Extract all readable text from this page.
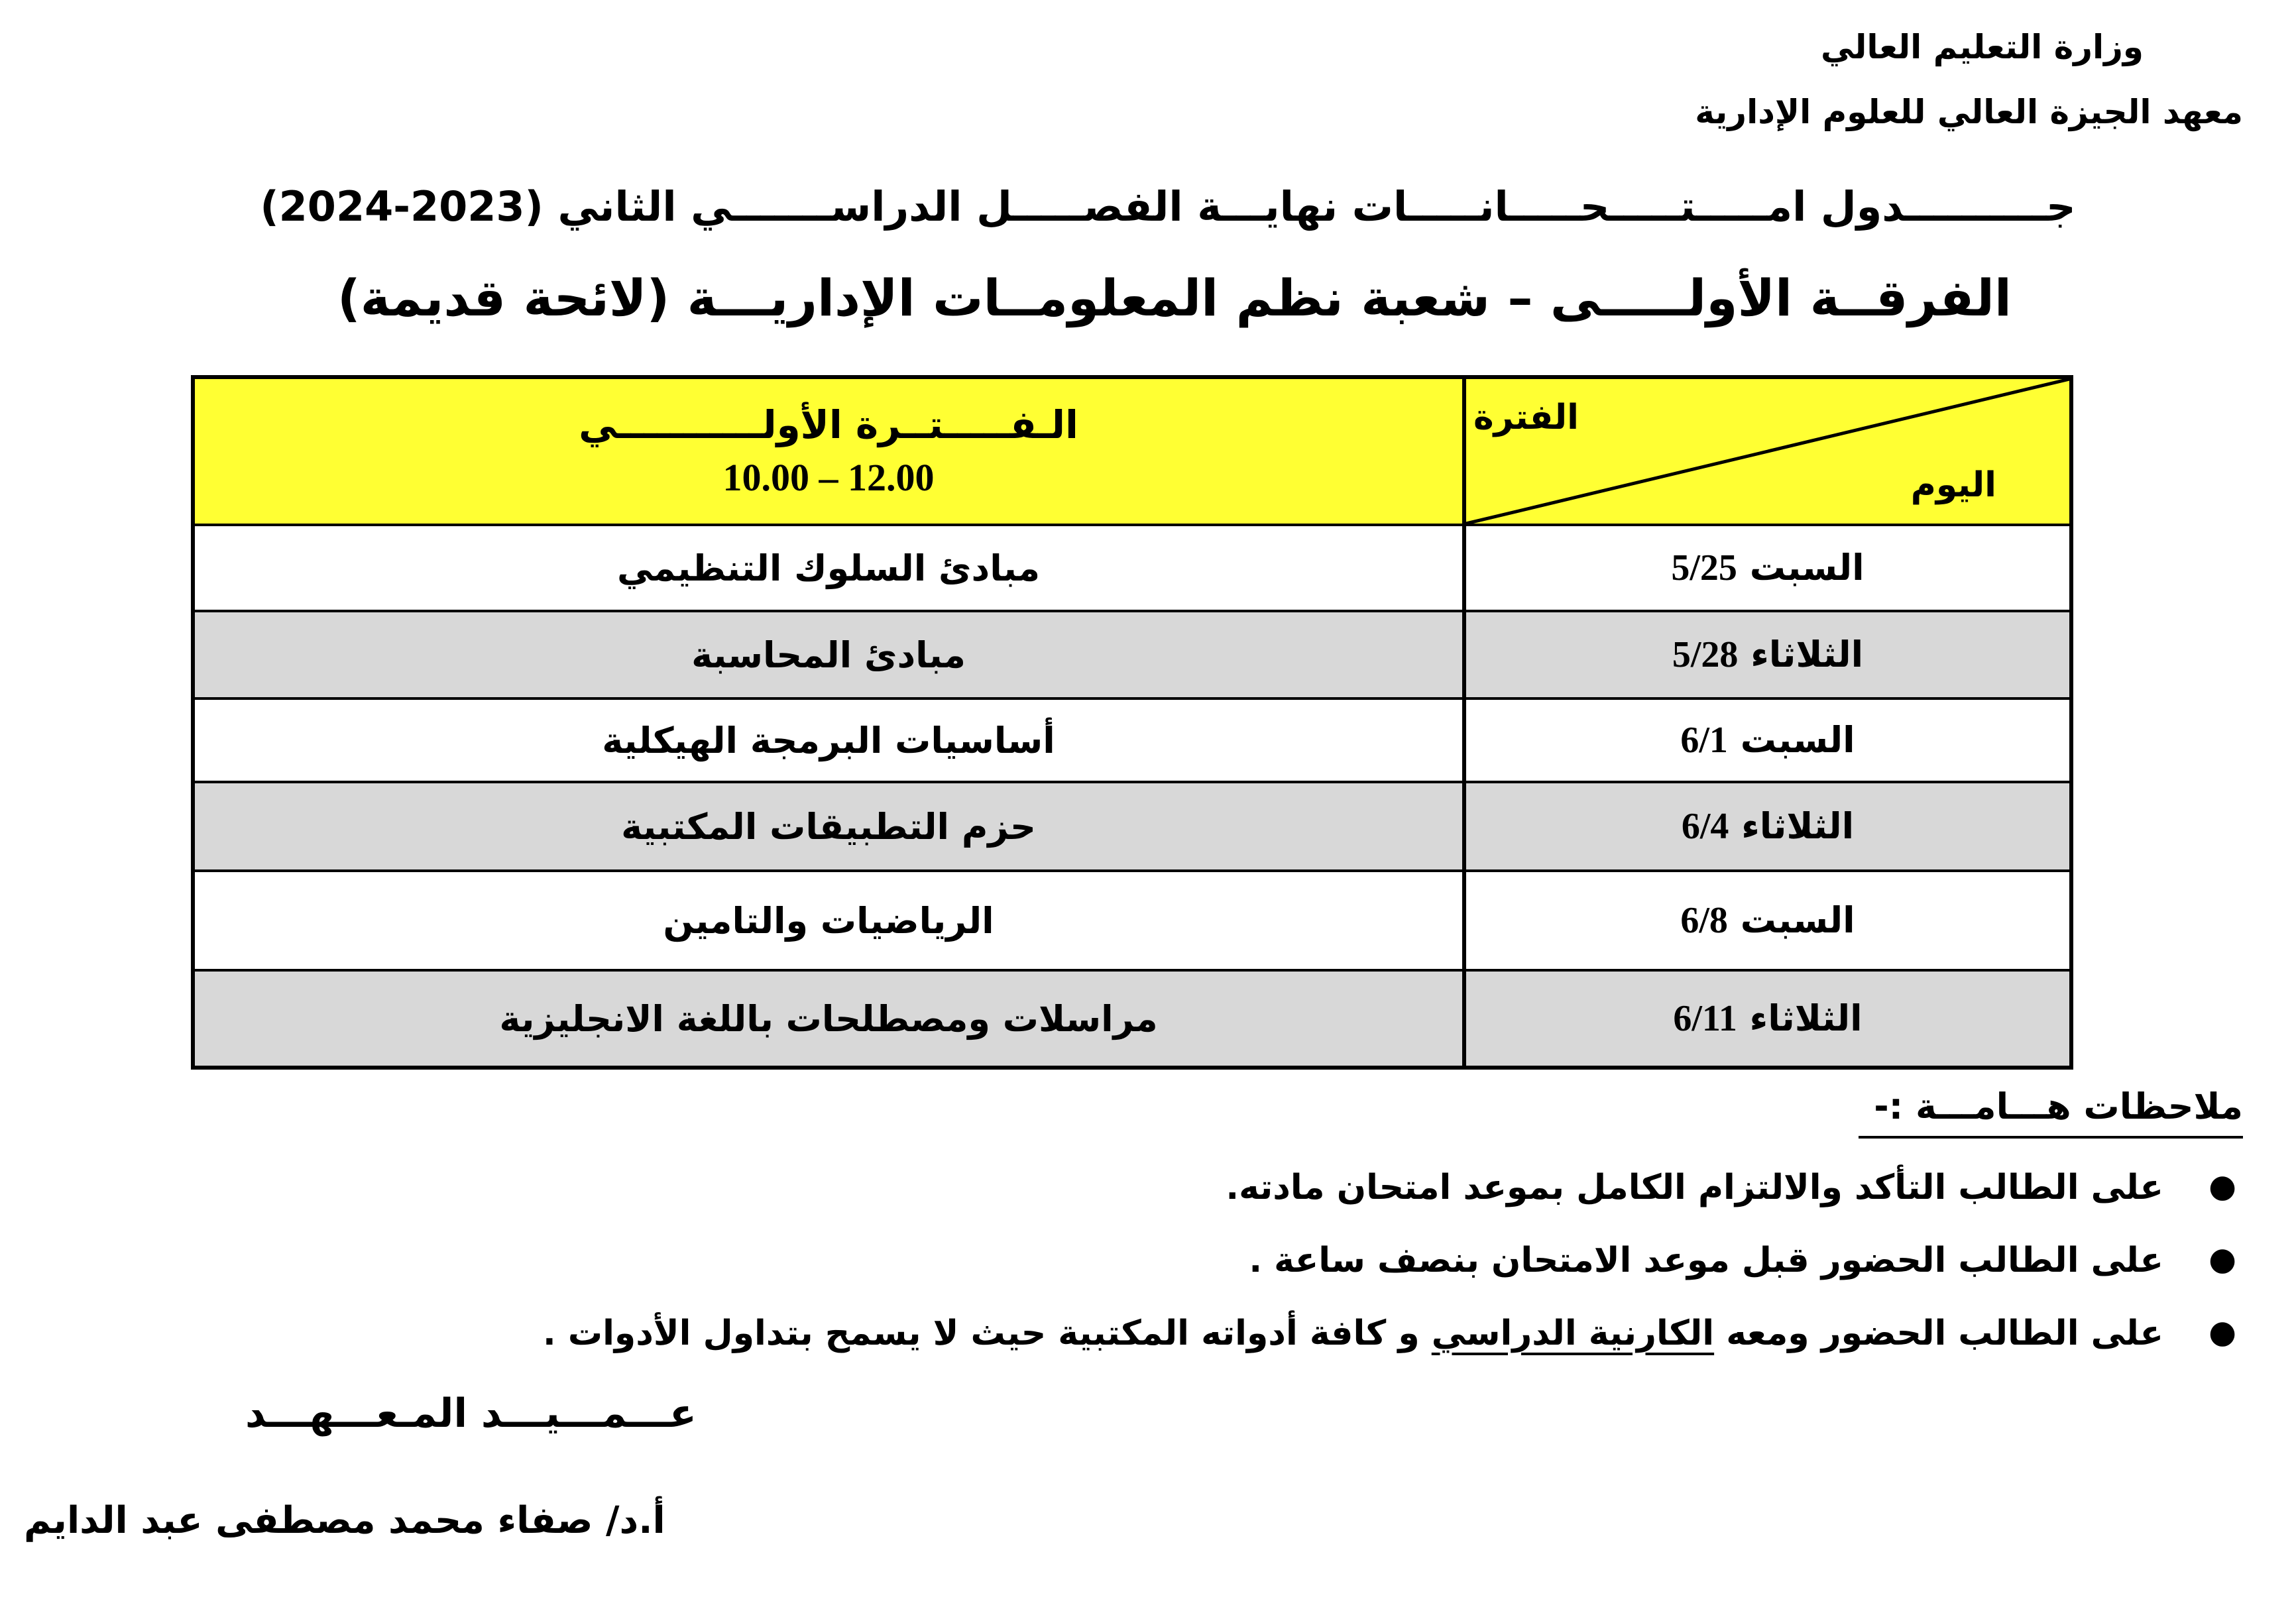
وزارة التعليم العالي
معهد الجيزة العالي للعلوم الإدارية
جــــــــــدول امـــــتـــــحـــــانـــــات نهايـــة الفصـــــل الدراســـــــي الثاني (2023-2024)
الفرقــة الأولـــــى – شعبة نظم المعلومــات الإداريـــة (لائحة قديمة)
الفترة
اليوم
الـفـــــتــرة الأولـــــــــــي
10.00 – 12.00
السبت 5/25
مبادئ السلوك التنظيمي
الثلاثاء 5/28
مبادئ المحاسبة
السبت 6/1
أساسيات البرمجة الهيكلية
الثلاثاء 6/4
حزم التطبيقات المكتبية
السبت 6/8
الرياضيات والتامين
الثلاثاء 6/11
مراسلات ومصطلحات باللغة الانجليزية
ملاحظات هـــامـــة :-
●
على الطالب التأكد والالتزام الكامل بموعد امتحان مادته.
●
على الطالب الحضور قبل موعد الامتحان بنصف ساعة .
●
على الطالب الحضور ومعه الكارنية الدراسي و كافة أدواته المكتبية حيث لا يسمح بتداول الأدوات .
عـــمـــيـــد المـعـــهـــد
أ.د/ صفاء محمد مصطفى عبد الدايم
